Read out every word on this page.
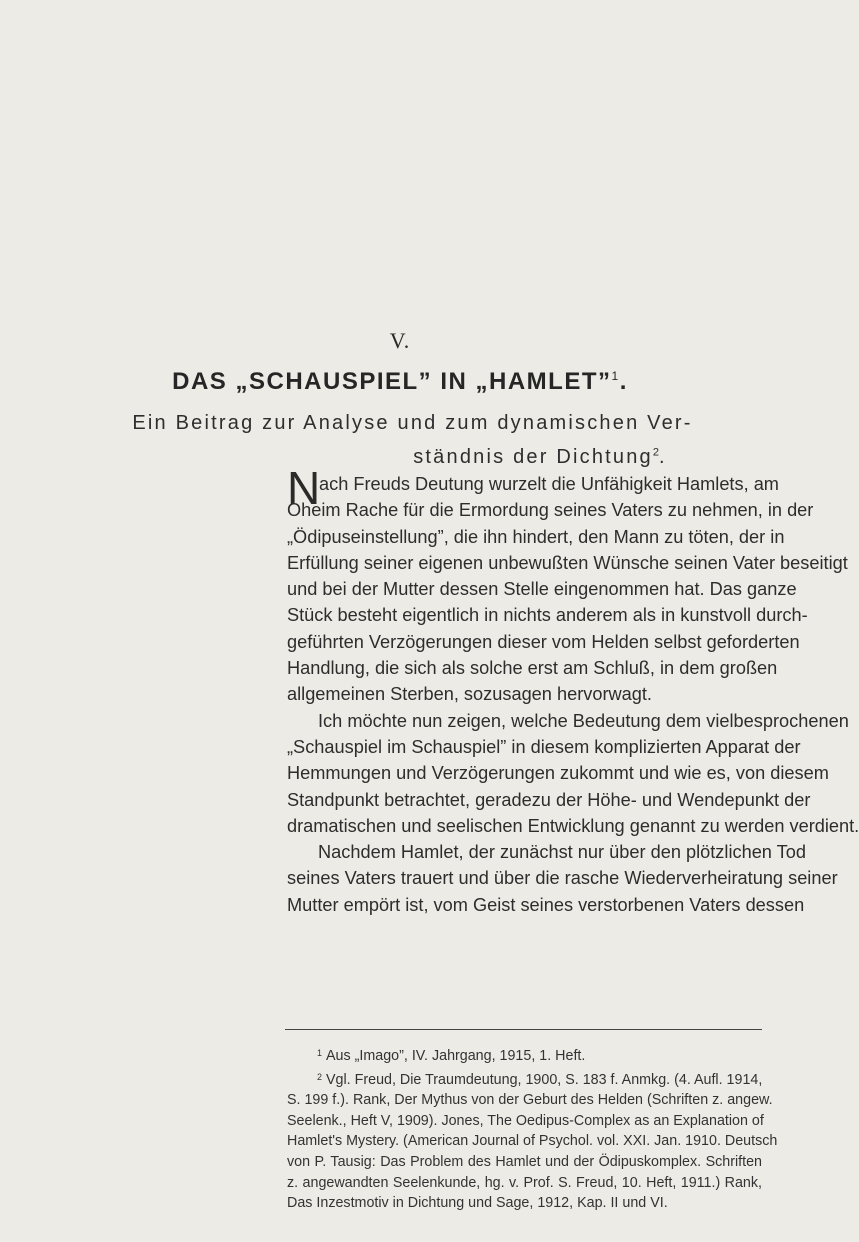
V.
DAS „SCHAUSPIEL” IN „HAMLET”$^1$.
Ein Beitrag zur Analyse und zum dynamischen Ver-
ständnis der Dichtung$^2$.
N
ach Freuds Deutung wurzelt die Unfähigkeit Hamlets, am
Oheim Rache für die Ermordung seines Vaters zu nehmen, in der
„Ödipuseinstellung”, die ihn hindert, den Mann zu töten, der in
Erfüllung seiner eigenen unbewußten Wünsche seinen Vater beseitigt
und bei der Mutter dessen Stelle eingenommen hat. Das ganze
Stück besteht eigentlich in nichts anderem als in kunstvoll durch-
geführten Verzögerungen dieser vom Helden selbst geforderten
Handlung, die sich als solche erst am Schluß, in dem großen
allgemeinen Sterben, sozusagen hervorwagt.
Ich möchte nun zeigen, welche Bedeutung dem vielbesprochenen
„Schauspiel im Schauspiel” in diesem komplizierten Apparat der
Hemmungen und Verzögerungen zukommt und wie es, von diesem
Standpunkt betrachtet, geradezu der Höhe- und Wendepunkt der
dramatischen und seelischen Entwicklung genannt zu werden verdient.
Nachdem Hamlet, der zunächst nur über den plötzlichen Tod
seines Vaters trauert und über die rasche Wiederverheiratung seiner
Mutter empört ist, vom Geist seines verstorbenen Vaters dessen
$^1$ Aus „Imago”, IV. Jahrgang, 1915, 1. Heft.
$^2$ Vgl. Freud, Die Traumdeutung, 1900, S. 183 f. Anmkg. (4. Aufl. 1914,
S. 199 f.). Rank, Der Mythus von der Geburt des Helden (Schriften z. angew.
Seelenk., Heft V, 1909). Jones, The Oedipus-Complex as an Explanation of
Hamlet's Mystery. (American Journal of Psychol. vol. XXI. Jan. 1910. Deutsch
von P. Tausig: Das Problem des Hamlet und der Ödipuskomplex. Schriften
z. angewandten Seelenkunde, hg. v. Prof. S. Freud, 10. Heft, 1911.) Rank,
Das Inzestmotiv in Dichtung und Sage, 1912, Kap. II und VI.
